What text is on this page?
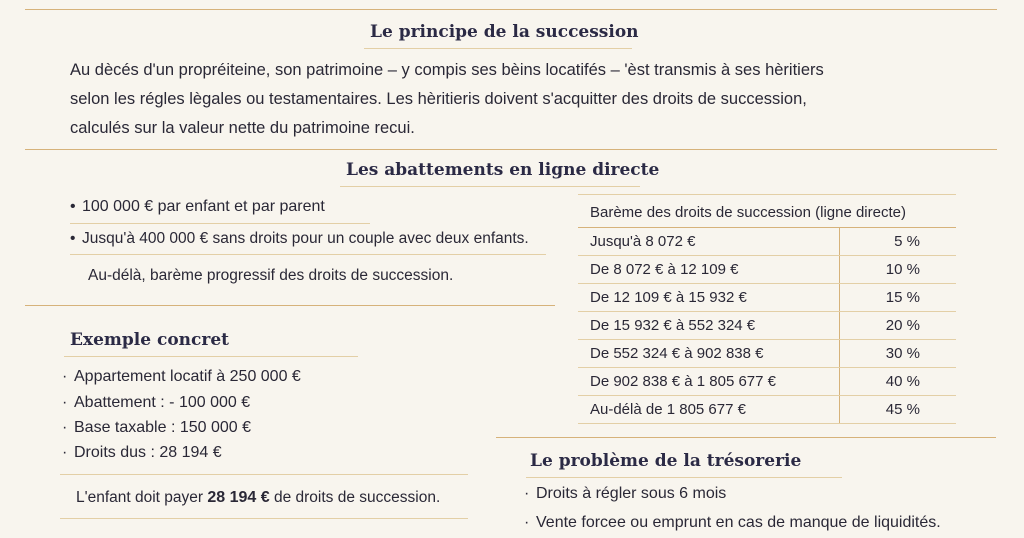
Le principe de la succession
Au dècés d'un propréiteine, son patrimoine – y compis ses bèins locatifés – 'èst transmis à ses hèritiers
selon les régles lègales ou testamentaires. Les hèritieris doivent s'acquitter des droits de succession,
calculés sur la valeur nette du patrimoine recui.
Les abattements en ligne directe
• 100 000 € par enfant et par parent
• Jusqu'à 400 000 € sans droits pour un couple avec deux enfants.
Au-délà, barème progressif des droits de succession.
Barème des droits de succession (ligne directe)	
Jusqu'à 8 072 €	5 %
De 8 072 € à 12 109 €	10 %
De 12 109 € à 15 932 €	15 %
De 15 932 € à 552 324 €	20 %
De 552 324 € à 902 838 €	30 %
De 902 838 € à 1 805 677 €	40 %
Au-délà de 1 805 677 €	45 %
Exemple concret
· Appartement locatif à 250 000 €
· Abattement : - 100 000 €
· Base taxable : 150 000 €
· Droits dus : 28 194 €
L'enfant doit payer 28 194 € de droits de succession.
Le problème de la trésorerie
· Droits à régler sous 6 mois
· Vente forcee ou emprunt en cas de manque de liquidités.
